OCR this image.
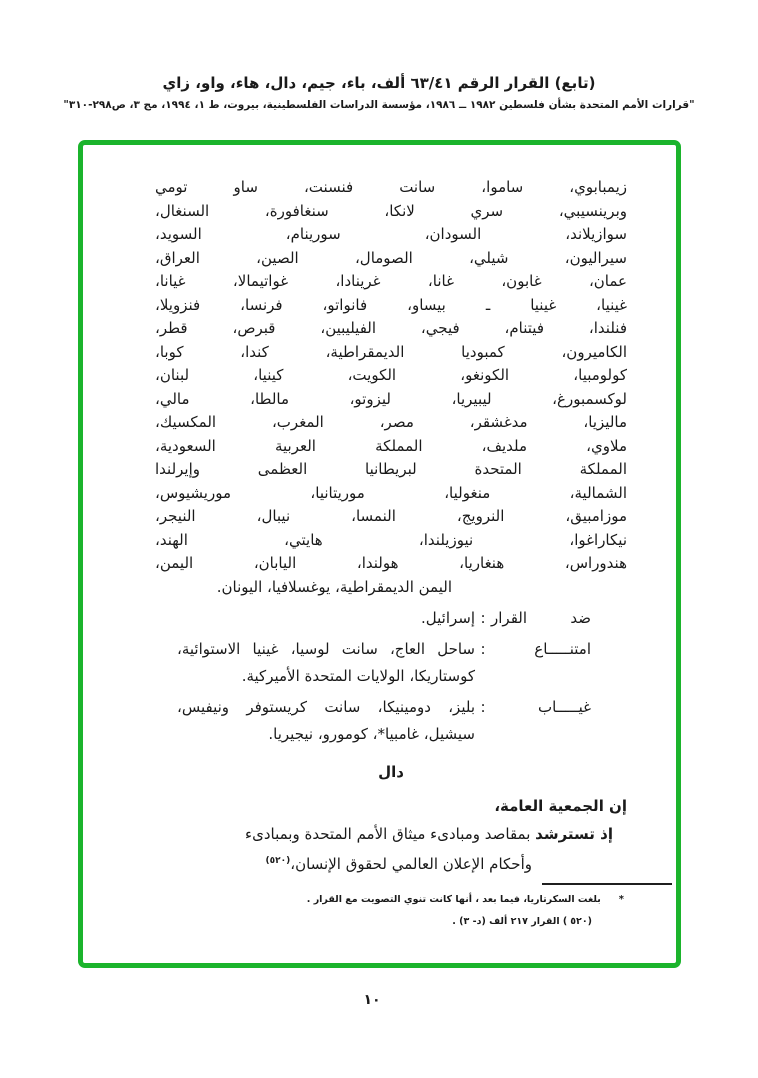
(تابع) القرار الرقم ٦٣/٤١ ألف، باء، جيم، دال، هاء، واو، زاي
"قرارات الأمم المتحدة بشأن فلسطين ١٩٨٢ ــ ١٩٨٦، مؤسسة الدراسات الفلسطينية، بيروت، ط ١، ١٩٩٤، مج ٣، ص٢٩٨-٣١٠"
زيمبابوي، ساموا، سانت فنسنت، ساو تومي
وبرينسيبي، سري لانكا، سنغافورة، السنغال،
سوازيلاند، السودان، سورينام، السويد،
سيراليون، شيلي، الصومال، الصين، العراق،
عمان، غابون، غانا، غرينادا، غواتيمالا، غيانا،
غينيا، غينيا ـ بيساو، فانواتو، فرنسا، فنزويلا،
فنلندا، فيتنام، فيجي، الفيليبين، قبرص، قطر،
الكاميرون، كمبوديا الديمقراطية، كندا، كوبا،
كولومبيا، الكونغو، الكويت، كينيا، لبنان،
لوكسمبورغ، ليبيريا، ليزوتو، مالطا، مالي،
ماليزيا، مدغشقر، مصر، المغرب، المكسيك،
ملاوي، ملديف، المملكة العربية السعودية،
المملكة المتحدة لبريطانيا العظمى وإيرلندا
الشمالية، منغوليا، موريتانيا، موريشيوس،
موزامبيق، النرويج، النمسا، نيبال، النيجر،
نيكاراغوا، نيوزيلندا، هايتي، الهند،
هندوراس، هنغاريا، هولندا، اليابان، اليمن،
اليمن الديمقراطية، يوغسلافيا، اليونان.
ضد القرار
:
إسرائيل.
امتنـــــاع
:
ساحل العاج، سانت لوسيا، غينيا الاستوائية،
كوستاريكا، الولايات المتحدة الأميركية.
غيـــــاب
:
بليز، دومينيكا، سانت كريستوفر ونيفيس،
سيشيل، غامبيا*، كومورو، نيجيريا.
دال
إن الجمعية العامة،
إذ تسترشد بمقاصد ومبادىء ميثاق الأمم المتحدة وبمبادىء
وأحكام الإعلان العالمي لحقوق الإنسان،$^{(٥٢٠)}$
*بلغت السكرتاريا، فيما بعد ، أنها كانت تنوي التصويت مع القرار .
(٥٢٠) القرار ٢١٧ ألف (د- ٣) .
١٠
